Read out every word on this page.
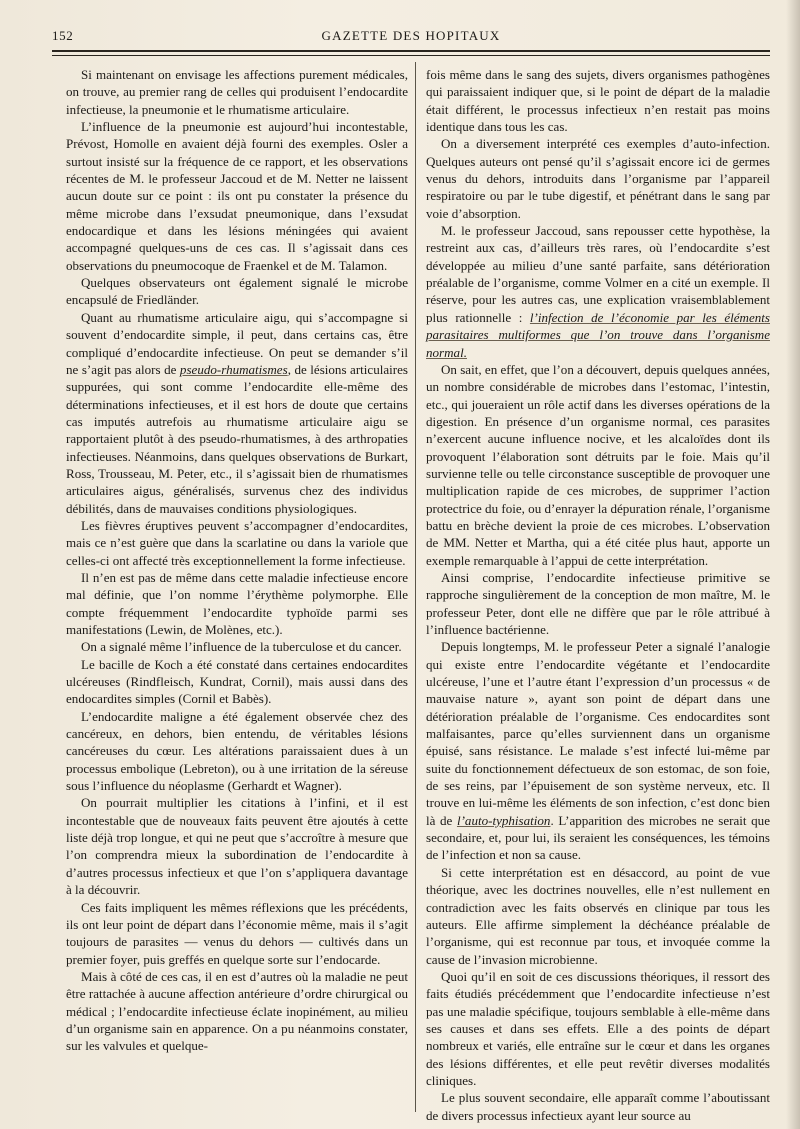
152	GAZETTE DES HOPITAUX

Si maintenant on envisage les affections purement médicales, on trouve, au premier rang de celles qui produisent l’endocardite infectieuse, la pneumonie et le rhumatisme articulaire.

L’influence de la pneumonie est aujourd’hui incontestable, Prévost, Homolle en avaient déjà fourni des exemples. Osler a surtout insisté sur la fréquence de ce rapport, et les observations récentes de M. le professeur Jaccoud et de M. Netter ne laissent aucun doute sur ce point : ils ont pu constater la présence du même microbe dans l’exsudat pneumonique, dans l’exsudat endocardique et dans les lésions méningées qui avaient accompagné quelques-uns de ces cas. Il s’agissait dans ces observations du pneumocoque de Fraenkel et de M. Talamon.

Quelques observateurs ont également signalé le microbe encapsulé de Friedländer.

Quant au rhumatisme articulaire aigu, qui s’accompagne si souvent d’endocardite simple, il peut, dans certains cas, être compliqué d’endocardite infectieuse. On peut se demander s’il ne s’agit pas alors de pseudo-rhumatismes, de lésions articulaires suppurées, qui sont comme l’endocardite elle-même des déterminations infectieuses, et il est hors de doute que certains cas imputés autrefois au rhumatisme articulaire aigu se rapportaient plutôt à des pseudo-rhumatismes, à des arthropaties infectieuses. Néanmoins, dans quelques observations de Burkart, Ross, Trousseau, M. Peter, etc., il s’agissait bien de rhumatismes articulaires aigus, généralisés, survenus chez des individus débilités, dans de mauvaises conditions physiologiques.

Les fièvres éruptives peuvent s’accompagner d’endocardites, mais ce n’est guère que dans la scarlatine ou dans la variole que celles-ci ont affecté très exceptionnellement la forme infectieuse.

Il n’en est pas de même dans cette maladie infectieuse encore mal définie, que l’on nomme l’érythème polymorphe. Elle compte fréquemment l’endocardite typhoïde parmi ses manifestations (Lewin, de Molènes, etc.).

On a signalé même l’influence de la tuberculose et du cancer.

Le bacille de Koch a été constaté dans certaines endocardites ulcéreuses (Rindfleisch, Kundrat, Cornil), mais aussi dans des endocardites simples (Cornil et Babès).

L’endocardite maligne a été également observée chez des cancéreux, en dehors, bien entendu, de véritables lésions cancéreuses du cœur. Les altérations paraissaient dues à un processus embolique (Lebreton), ou à une irritation de la séreuse sous l’influence du néoplasme (Gerhardt et Wagner).

On pourrait multiplier les citations à l’infini, et il est incontestable que de nouveaux faits peuvent être ajoutés à cette liste déjà trop longue, et qui ne peut que s’accroître à mesure que l’on comprendra mieux la subordination de l’endocardite à d’autres processus infectieux et que l’on s’appliquera davantage à la découvrir.

Ces faits impliquent les mêmes réflexions que les précédents, ils ont leur point de départ dans l’économie même, mais il s’agit toujours de parasites — venus du dehors — cultivés dans un premier foyer, puis greffés en quelque sorte sur l’endocarde.

Mais à côté de ces cas, il en est d’autres où la maladie ne peut être rattachée à aucune affection antérieure d’ordre chirurgical ou médical ; l’endocardite infectieuse éclate inopinément, au milieu d’un organisme sain en apparence. On a pu néanmoins constater, sur les valvules et quelque-

fois même dans le sang des sujets, divers organismes pathogènes qui paraissaient indiquer que, si le point de départ de la maladie était différent, le processus infectieux n’en restait pas moins identique dans tous les cas.

On a diversement interprété ces exemples d’auto-infection. Quelques auteurs ont pensé qu’il s’agissait encore ici de germes venus du dehors, introduits dans l’organisme par l’appareil respiratoire ou par le tube digestif, et pénétrant dans le sang par voie d’absorption.

M. le professeur Jaccoud, sans repousser cette hypothèse, la restreint aux cas, d’ailleurs très rares, où l’endocardite s’est développée au milieu d’une santé parfaite, sans détérioration préalable de l’organisme, comme Volmer en a cité un exemple. Il réserve, pour les autres cas, une explication vraisemblablement plus rationnelle : l’infection de l’économie par les éléments parasitaires multiformes que l’on trouve dans l’organisme normal.

On sait, en effet, que l’on a découvert, depuis quelques années, un nombre considérable de microbes dans l’estomac, l’intestin, etc., qui joueraient un rôle actif dans les diverses opérations de la digestion. En présence d’un organisme normal, ces parasites n’exercent aucune influence nocive, et les alcaloïdes dont ils provoquent l’élaboration sont détruits par le foie. Mais qu’il survienne telle ou telle circonstance susceptible de provoquer une multiplication rapide de ces microbes, de supprimer l’action protectrice du foie, ou d’enrayer la dépuration rénale, l’organisme battu en brèche devient la proie de ces microbes. L’observation de MM. Netter et Martha, qui a été citée plus haut, apporte un exemple remarquable à l’appui de cette interprétation.

Ainsi comprise, l’endocardite infectieuse primitive se rapproche singulièrement de la conception de mon maître, M. le professeur Peter, dont elle ne diffère que par le rôle attribué à l’influence bactérienne.

Depuis longtemps, M. le professeur Peter a signalé l’analogie qui existe entre l’endocardite végétante et l’endocardite ulcéreuse, l’une et l’autre étant l’expression d’un processus « de mauvaise nature », ayant son point de départ dans une détérioration préalable de l’organisme. Ces endocardites sont malfaisantes, parce qu’elles surviennent dans un organisme épuisé, sans résistance. Le malade s’est infecté lui-même par suite du fonctionnement défectueux de son estomac, de son foie, de ses reins, par l’épuisement de son système nerveux, etc. Il trouve en lui-même les éléments de son infection, c’est donc bien là de l’auto-typhisation. L’apparition des microbes ne serait que secondaire, et, pour lui, ils seraient les conséquences, les témoins de l’infection et non sa cause.

Si cette interprétation est en désaccord, au point de vue théorique, avec les doctrines nouvelles, elle n’est nullement en contradiction avec les faits observés en clinique par tous les auteurs. Elle affirme simplement la déchéance préalable de l’organisme, qui est reconnue par tous, et invoquée comme la cause de l’invasion microbienne.

Quoi qu’il en soit de ces discussions théoriques, il ressort des faits étudiés précédemment que l’endocardite infectieuse n’est pas une maladie spécifique, toujours semblable à elle-même dans ses causes et dans ses effets. Elle a des points de départ nombreux et variés, elle entraîne sur le cœur et dans les organes des lésions différentes, et elle peut revêtir diverses modalités cliniques.

Le plus souvent secondaire, elle apparaît comme l’aboutissant de divers processus infectieux ayant leur source au
